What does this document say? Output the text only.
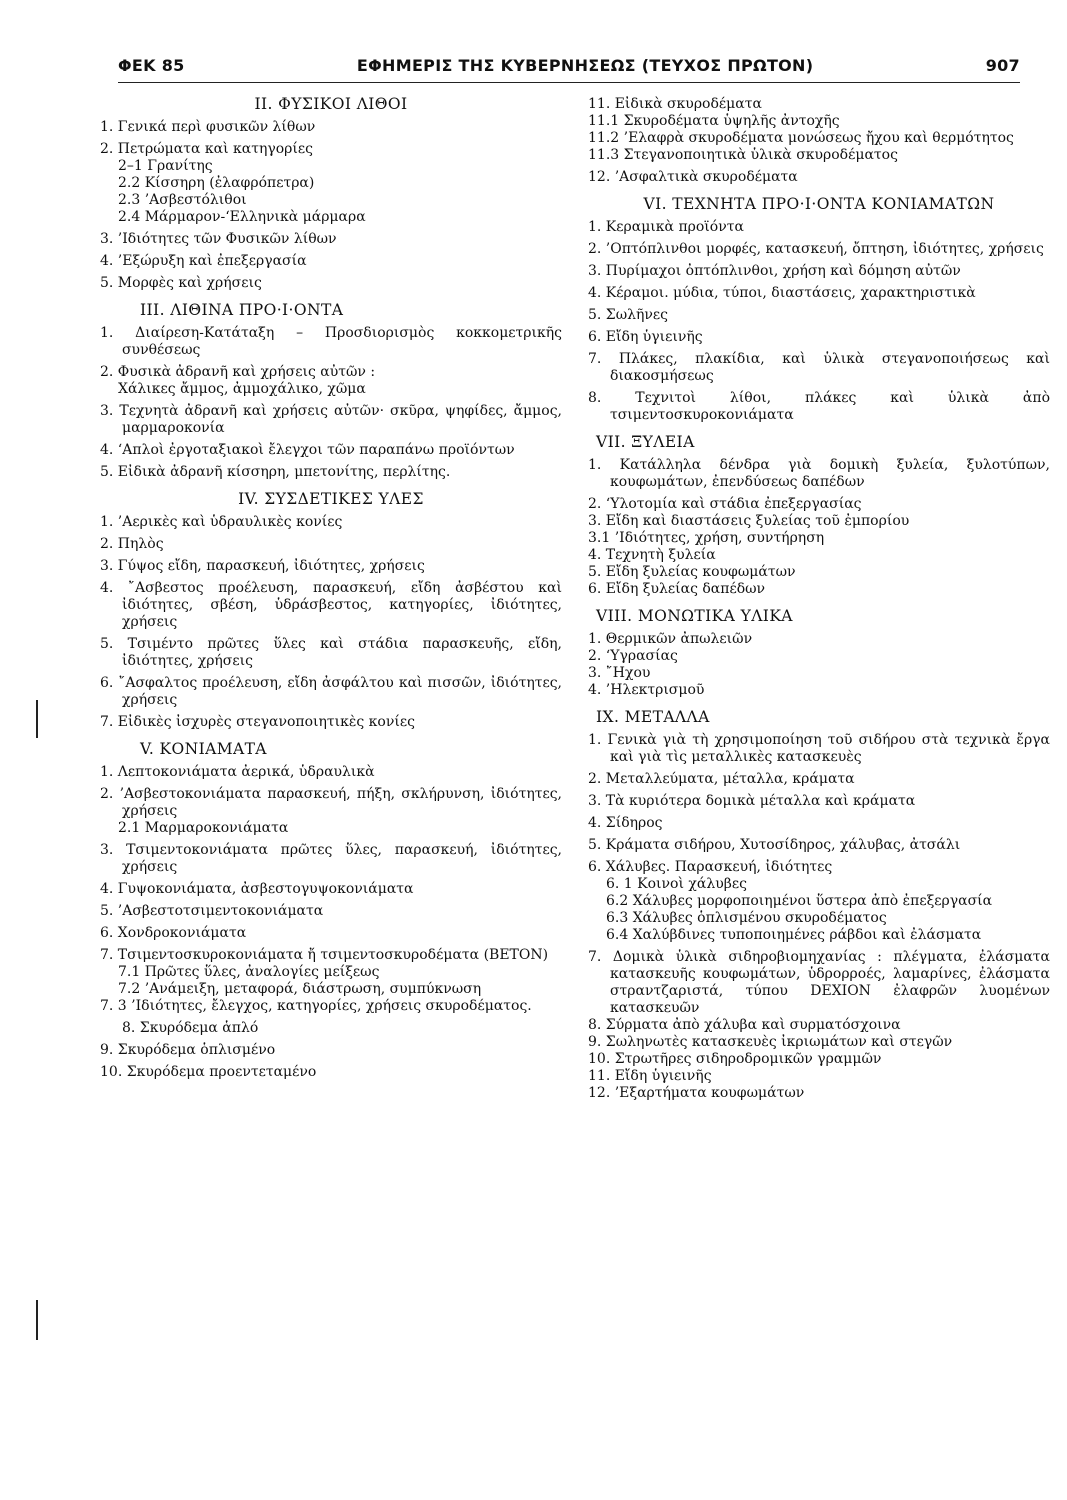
ΦΕΚ 85	ΕΦΗΜΕΡΙΣ ΤΗΣ ΚΥΒΕΡΝΗΣΕΩΣ (ΤΕΥΧΟΣ ΠΡΩΤΟΝ)	907
ΙΙ. ΦΥΣΙΚΟΙ ΛΙΘΟΙ
1. Γενικά περὶ φυσικῶν λίθων
2. Πετρώματα καὶ κατηγορίες
2–1 Γρανίτης
2.2 Κίσσηρη (ἐλαφρόπετρα)
2.3 ’Ασβεστόλιθοι
2.4 Μάρμαρον-‘Ελληνικὰ μάρμαρα
3. ’Ιδιότητες τῶν Φυσικῶν λίθων
4. ’Εξώρυξη καὶ ἐπεξεργασία
5. Μορφὲς καὶ χρήσεις
ΙΙΙ. ΛΙΘΙΝΑ ΠΡΟ·Ι·ΟΝΤΑ
1. Διαίρεση-Κατάταξη – Προσδιορισμὸς κοκκομετρικῆς συνθέσεως
2. Φυσικὰ ἀδρανῆ καὶ χρήσεις αὐτῶν :
Χάλικες ἄμμος, ἀμμοχάλικο, χῶμα
3. Τεχνητὰ ἀδρανῆ καὶ χρήσεις αὐτῶν· σκῦρα, ψηφίδες, ἄμμος, μαρμαροκονία
4. ‘Απλοὶ ἐργοταξιακοὶ ἔλεγχοι τῶν παραπάνω προϊόντων
5. Εἰδικὰ ἀδρανῆ κίσσηρη, μπετονίτης, περλίτης.
IV. ΣΥΣΔΕΤΙΚΕΣ ΥΛΕΣ
1. ’Αερικὲς καὶ ὑδραυλικὲς κονίες
2. Πηλὸς
3. Γύψος εἴδη, παρασκευή, ἰδιότητες, χρήσεις
4. ῎Ασβεστος προέλευση, παρασκευή, εἴδη ἀσβέστου καὶ ἰδιότητες, σβέση, ὑδράσβεστος, κατηγορίες, ἰδιότητες, χρήσεις
5. Τσιμέντο πρῶτες ὕλες καὶ στάδια παρασκευῆς, εἴδη, ἰδιότητες, χρήσεις
6. ῎Ασφαλτος προέλευση, εἴδη ἀσφάλτου καὶ πισσῶν, ἰδιότητες, χρήσεις
7. Εἰδικὲς ἰσχυρὲς στεγανοποιητικὲς κονίες
V. ΚΟΝΙΑΜΑΤΑ
1. Λεπτοκονιάματα ἀερικά, ὑδραυλικὰ
2. ’Ασβεστοκονιάματα παρασκευή, πήξη, σκλήρυνση, ἰδιότητες, χρήσεις
2.1 Μαρμαροκονιάματα
3. Τσιμεντοκονιάματα πρῶτες ὕλες, παρασκευή, ἰδιότητες, χρήσεις
4. Γυψοκονιάματα, ἀσβεστογυψοκονιάματα
5. ’Ασβεστοτσιμεντοκονιάματα
6. Χονδροκονιάματα
7. Τσιμεντοσκυροκονιάματα ἤ τσιμεντοσκυροδέματα (ΒΕΤΟΝ)
7.1 Πρῶτες ὕλες, ἀναλογίες μείξεως
7.2 ’Ανάμειξη, μεταφορά, διάστρωση, συμπύκνωση
7. 3 ’Ιδιότητες, ἔλεγχος, κατηγορίες, χρήσεις σκυροδέματος.
8. Σκυρόδεμα ἁπλό
9. Σκυρόδεμα ὁπλισμένο
10. Σκυρόδεμα προεντεταμένο
11. Εἰδικὰ σκυροδέματα
11.1 Σκυροδέματα ὑψηλῆς ἀντοχῆς
11.2 ’Ελαφρὰ σκυροδέματα μονώσεως ἤχου καὶ θερμότητος
11.3 Στεγανοποιητικὰ ὑλικὰ σκυροδέματος
12. ’Ασφαλτικὰ σκυροδέματα
VI. ΤΕΧΝΗΤΑ ΠΡΟ·Ι·ΟΝΤΑ ΚΟΝΙΑΜΑΤΩΝ
1. Κεραμικὰ προϊόντα
2. ’Οπτόπλινθοι μορφές, κατασκευή, ὄπτηση, ἰδιότητες, χρήσεις
3. Πυρίμαχοι ὀπτόπλινθοι, χρήση καὶ δόμηση αὐτῶν
4. Κέραμοι. μύδια, τύποι, διαστάσεις, χαρακτηριστικὰ
5. Σωλῆνες
6. Εἴδη ὑγιεινῆς
7. Πλάκες, πλακίδια, καὶ ὑλικὰ στεγανοποιήσεως καὶ διακοσμήσεως
8. Τεχνιτοὶ λίθοι, πλάκες καὶ ὑλικὰ ἀπὸ τσιμεντοσκυροκονιάματα
VII. ΞΥΛΕΙΑ
1. Κατάλληλα δένδρα γιὰ δομικὴ ξυλεία, ξυλοτύπων, κουφωμάτων, ἐπενδύσεως δαπέδων
2. ‘Υλοτομία καὶ στάδια ἐπεξεργασίας
3. Εἴδη καὶ διαστάσεις ξυλείας τοῦ ἐμπορίου
3.1 ’Ιδιότητες, χρήση, συντήρηση
4. Τεχνητὴ ξυλεία
5. Εἴδη ξυλείας κουφωμάτων
6. Εἴδη ξυλείας δαπέδων
VIII. ΜΟΝΩΤΙΚΑ ΥΛΙΚΑ
1. Θερμικῶν ἀπωλειῶν
2. ‘Υγρασίας
3. ῎Ηχου
4. ’Ηλεκτρισμοῦ
IX. ΜΕΤΑΛΛΑ
1. Γενικὰ γιὰ τὴ χρησιμοποίηση τοῦ σιδήρου στὰ τεχνικὰ ἔργα καὶ γιὰ τὶς μεταλλικὲς κατασκευὲς
2. Μεταλλεύματα, μέταλλα, κράματα
3. Τὰ κυριότερα δομικὰ μέταλλα καὶ κράματα
4. Σίδηρος
5. Κράματα σιδήρου, Χυτοσίδηρος, χάλυβας, ἀτσάλι
6. Χάλυβες. Παρασκευή, ἰδιότητες
6. 1 Κοινοὶ χάλυβες
6.2 Χάλυβες μορφοποιημένοι ὕστερα ἀπὸ ἐπεξεργασία
6.3 Χάλυβες ὁπλισμένου σκυροδέματος
6.4 Χαλύβδινες τυποποιημένες ράβδοι καὶ ἐλάσματα
7. Δομικὰ ὑλικὰ σιδηροβιομηχανίας : πλέγματα, ἐλάσματα κατασκευῆς κουφωμάτων, ὑδρορροές, λαμαρίνες, ἐλάσματα στραντζαριστά, τύπου DEXION ἐλαφρῶν λυομένων κατασκευῶν
8. Σύρματα ἀπὸ χάλυβα καὶ συρματόσχοινα
9. Σωληνωτὲς κατασκευὲς ἰκριωμάτων καὶ στεγῶν
10. Στρωτῆρες σιδηροδρομικῶν γραμμῶν
11. Εἴδη ὑγιεινῆς
12. ’Εξαρτήματα κουφωμάτων
